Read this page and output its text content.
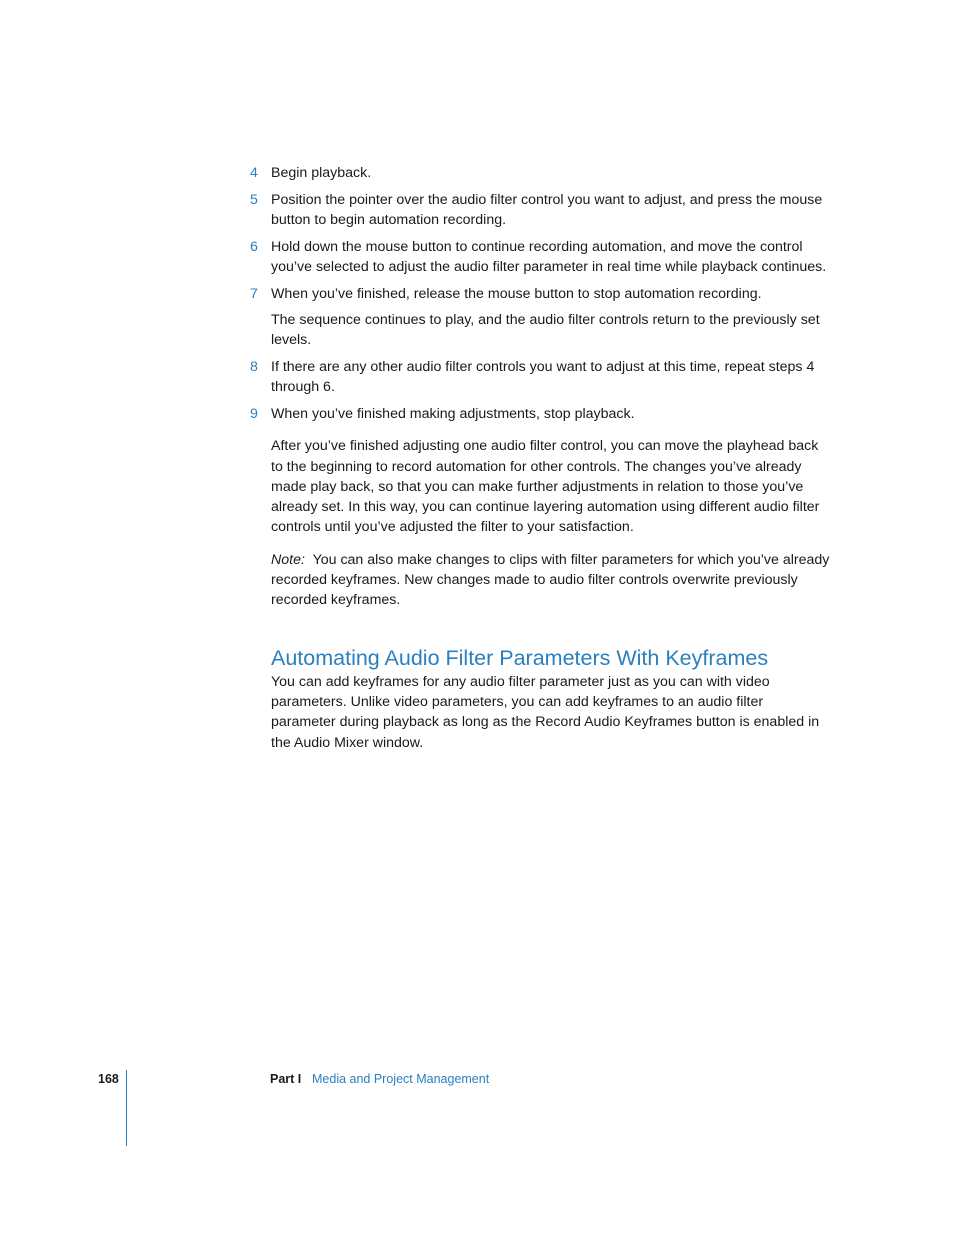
4 Begin playback.
5 Position the pointer over the audio filter control you want to adjust, and press the mouse button to begin automation recording.
6 Hold down the mouse button to continue recording automation, and move the control you’ve selected to adjust the audio filter parameter in real time while playback continues.
7 When you’ve finished, release the mouse button to stop automation recording.
The sequence continues to play, and the audio filter controls return to the previously set levels.
8 If there are any other audio filter controls you want to adjust at this time, repeat steps 4 through 6.
9 When you’ve finished making adjustments, stop playback.
After you’ve finished adjusting one audio filter control, you can move the playhead back to the beginning to record automation for other controls. The changes you’ve already made play back, so that you can make further adjustments in relation to those you’ve already set. In this way, you can continue layering automation using different audio filter controls until you’ve adjusted the filter to your satisfaction.
Note: You can also make changes to clips with filter parameters for which you’ve already recorded keyframes. New changes made to audio filter controls overwrite previously recorded keyframes.
Automating Audio Filter Parameters With Keyframes
You can add keyframes for any audio filter parameter just as you can with video parameters. Unlike video parameters, you can add keyframes to an audio filter parameter during playback as long as the Record Audio Keyframes button is enabled in the Audio Mixer window.
168	Part I Media and Project Management
